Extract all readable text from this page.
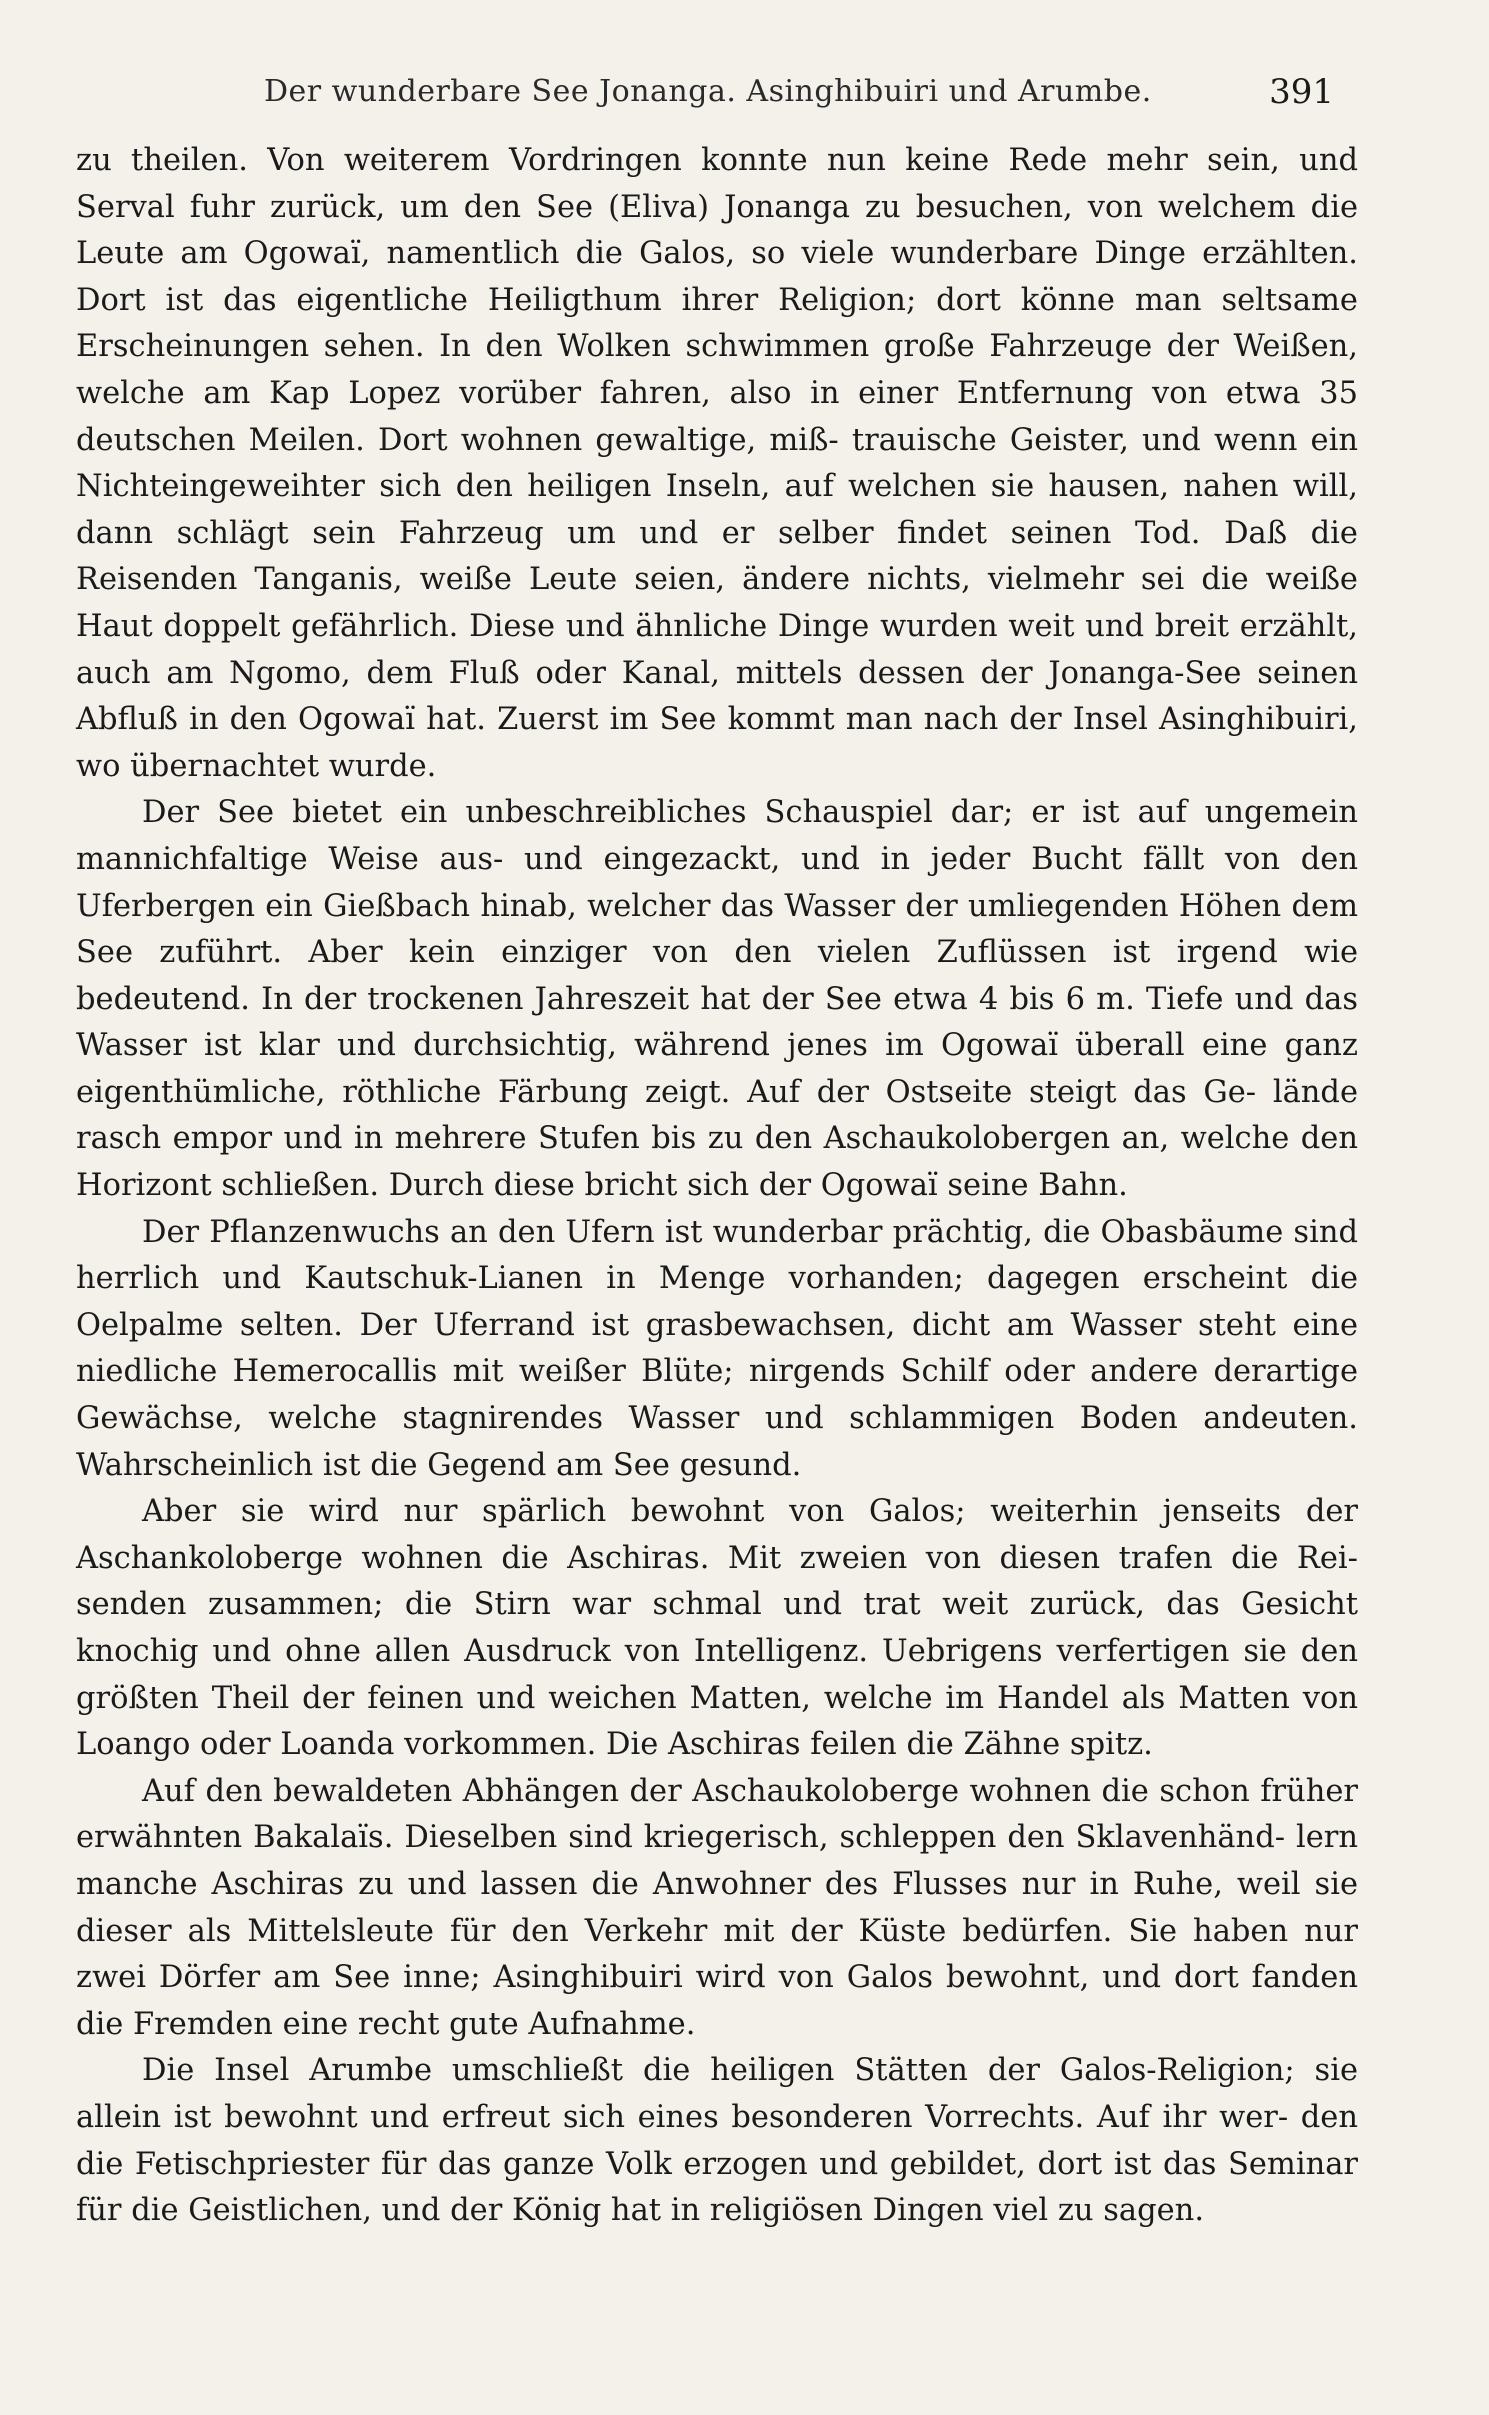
Der wunderbare See Jonanga. Asinghibuiri und Arumbe.	391

zu theilen. Von weiterem Vordringen konnte nun keine Rede mehr sein, und Serval fuhr zurück, um den See (Eliva) Jonanga zu besuchen, von welchem die Leute am Ogowaï, namentlich die Galos, so viele wunderbare Dinge erzählten. Dort ist das eigentliche Heiligthum ihrer Religion; dort könne man seltsame Erscheinungen sehen. In den Wolken schwimmen große Fahrzeuge der Weißen, welche am Kap Lopez vorüber fahren, also in einer Entfernung von etwa 35 deutschen Meilen. Dort wohnen gewaltige, miß- trauische Geister, und wenn ein Nichteingeweihter sich den heiligen Inseln, auf welchen sie hausen, nahen will, dann schlägt sein Fahrzeug um und er selber findet seinen Tod. Daß die Reisenden Tanganis, weiße Leute seien, ändere nichts, vielmehr sei die weiße Haut doppelt gefährlich. Diese und ähnliche Dinge wurden weit und breit erzählt, auch am Ngomo, dem Fluß oder Kanal, mittels dessen der Jonanga-See seinen Abfluß in den Ogowaï hat. Zuerst im See kommt man nach der Insel Asinghibuiri, wo übernachtet wurde.

Der See bietet ein unbeschreibliches Schauspiel dar; er ist auf ungemein mannichfaltige Weise aus- und eingezackt, und in jeder Bucht fällt von den Uferbergen ein Gießbach hinab, welcher das Wasser der umliegenden Höhen dem See zuführt. Aber kein einziger von den vielen Zuflüssen ist irgend wie bedeutend. In der trockenen Jahreszeit hat der See etwa 4 bis 6 m. Tiefe und das Wasser ist klar und durchsichtig, während jenes im Ogowaï überall eine ganz eigenthümliche, röthliche Färbung zeigt. Auf der Ostseite steigt das Ge- lände rasch empor und in mehrere Stufen bis zu den Aschaukolobergen an, welche den Horizont schließen. Durch diese bricht sich der Ogowaï seine Bahn.

Der Pflanzenwuchs an den Ufern ist wunderbar prächtig, die Obasbäume sind herrlich und Kautschuk-Lianen in Menge vorhanden; dagegen erscheint die Oelpalme selten. Der Uferrand ist grasbewachsen, dicht am Wasser steht eine niedliche Hemerocallis mit weißer Blüte; nirgends Schilf oder andere derartige Gewächse, welche stagnirendes Wasser und schlammigen Boden andeuten. Wahrscheinlich ist die Gegend am See gesund.

Aber sie wird nur spärlich bewohnt von Galos; weiterhin jenseits der Aschankoloberge wohnen die Aschiras. Mit zweien von diesen trafen die Rei- senden zusammen; die Stirn war schmal und trat weit zurück, das Gesicht knochig und ohne allen Ausdruck von Intelligenz. Uebrigens verfertigen sie den größten Theil der feinen und weichen Matten, welche im Handel als Matten von Loango oder Loanda vorkommen. Die Aschiras feilen die Zähne spitz.

Auf den bewaldeten Abhängen der Aschaukoloberge wohnen die schon früher erwähnten Bakalaïs. Dieselben sind kriegerisch, schleppen den Sklavenhänd- lern manche Aschiras zu und lassen die Anwohner des Flusses nur in Ruhe, weil sie dieser als Mittelsleute für den Verkehr mit der Küste bedürfen. Sie haben nur zwei Dörfer am See inne; Asinghibuiri wird von Galos bewohnt, und dort fanden die Fremden eine recht gute Aufnahme.

Die Insel Arumbe umschließt die heiligen Stätten der Galos-Religion; sie allein ist bewohnt und erfreut sich eines besonderen Vorrechts. Auf ihr wer- den die Fetischpriester für das ganze Volk erzogen und gebildet, dort ist das Seminar für die Geistlichen, und der König hat in religiösen Dingen viel zu sagen.
